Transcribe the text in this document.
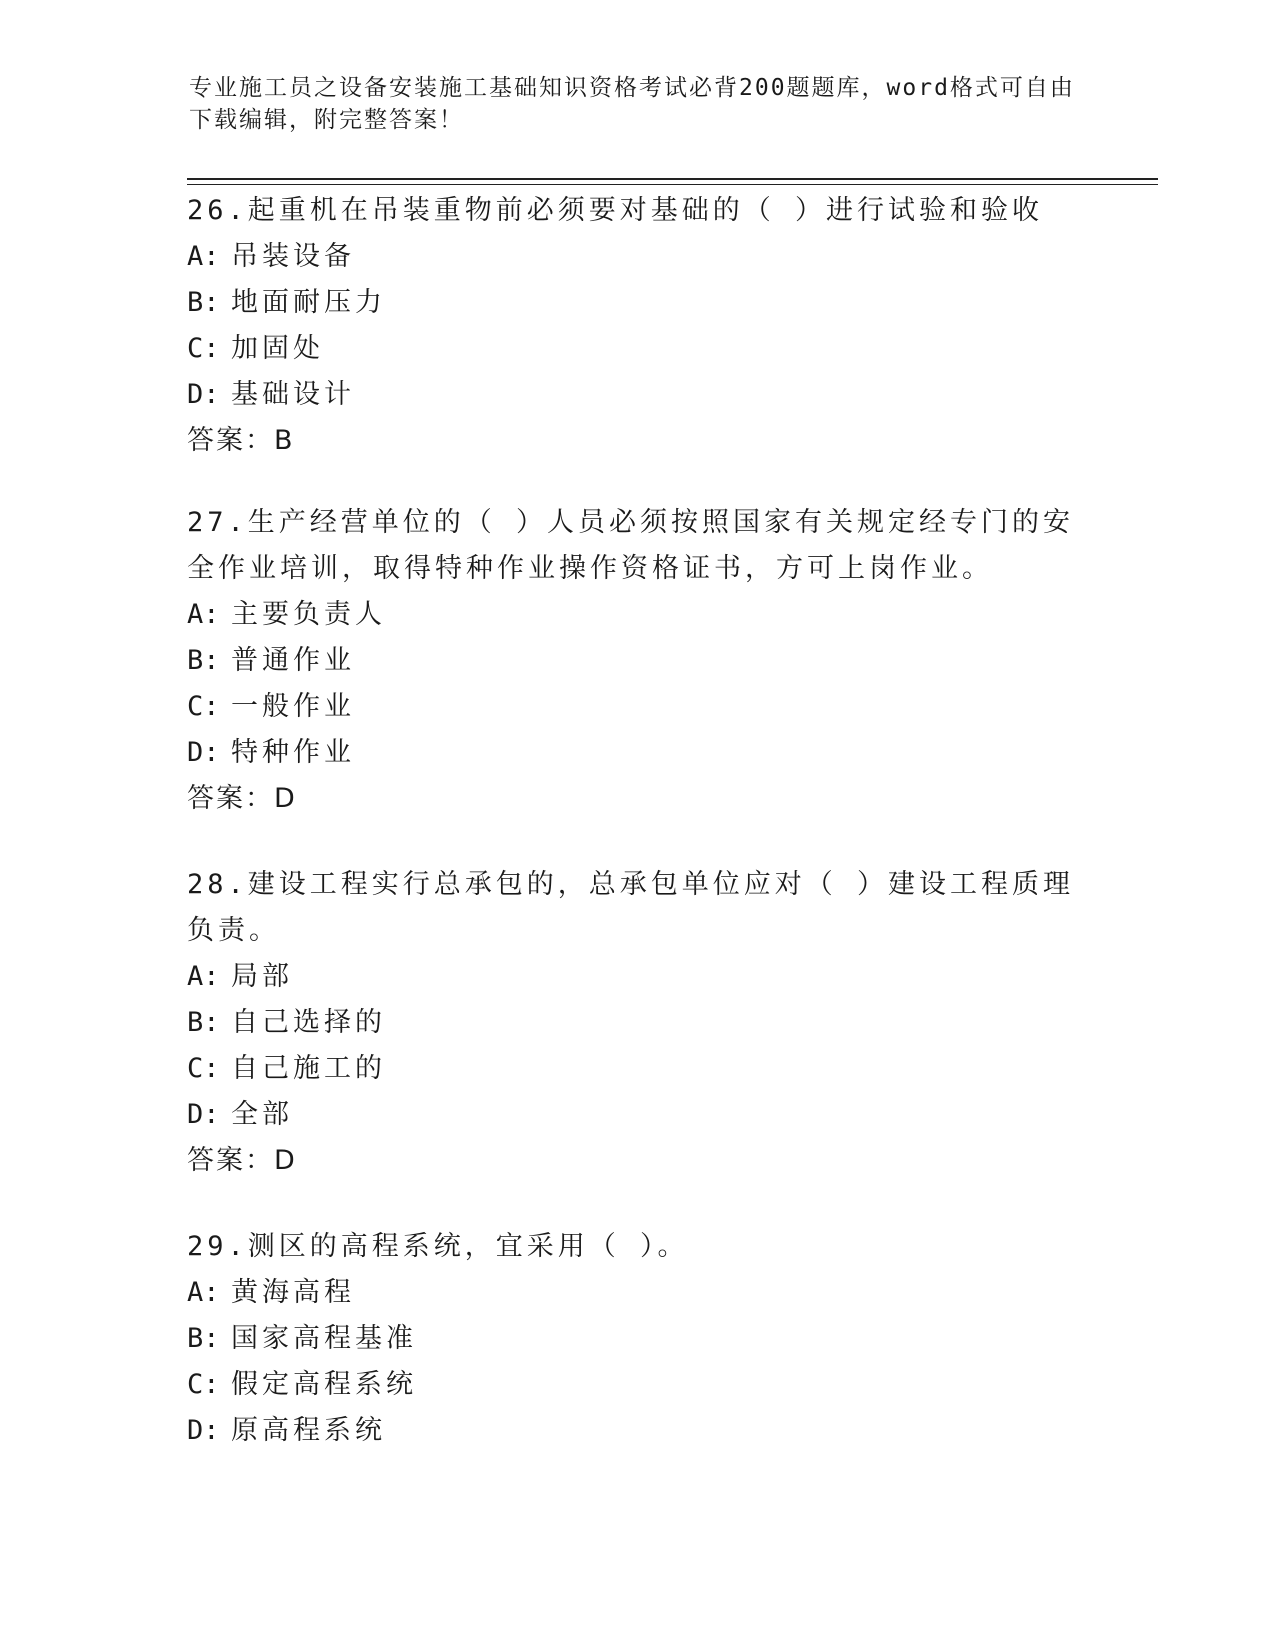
专业施工员之设备安装施工基础知识资格考试必背200题题库，word格式可自由下载编辑，附完整答案！
26.起重机在吊装重物前必须要对基础的（ ）进行试验和验收
A: 吊装设备
B: 地面耐压力
C: 加固处
D: 基础设计
答案：B
27.生产经营单位的（ ）人员必须按照国家有关规定经专门的安全作业培训，取得特种作业操作资格证书，方可上岗作业。
A: 主要负责人
B: 普通作业
C: 一般作业
D: 特种作业
答案：D
28.建设工程实行总承包的，总承包单位应对（ ）建设工程质理负责。
A: 局部
B: 自己选择的
C: 自己施工的
D: 全部
答案：D
29.测区的高程系统，宜采用（ ）。
A: 黄海高程
B: 国家高程基准
C: 假定高程系统
D: 原高程系统
